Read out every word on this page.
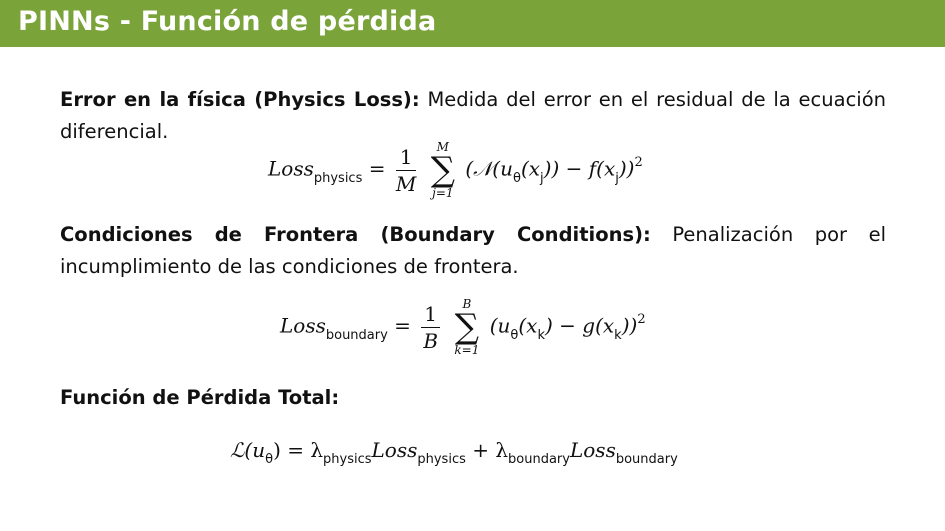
PINNs - Función de pérdida
Error en la física (Physics Loss): Medida del error en el residual de la ecuación diferencial.
Loss$_{physics}$ = $\frac{1}{M}$
	M
∑
j=1
$(𝒩(u_\theta(x_j)) - f(x_j))^2$
Condiciones de Frontera (Boundary Conditions): Penalización por el incumplimiento de las condiciones de frontera.
Loss$_{boundary}$ = $\frac{1}{B}$
	B
∑
k=1
$(u_\theta(x_k) - g(x_k))^2$
Función de Pérdida Total:
$ℒ(u_\theta)$ = $\lambda_{physics}Loss_{physics}$ + $\lambda_{boundary}Loss_{boundary}$
